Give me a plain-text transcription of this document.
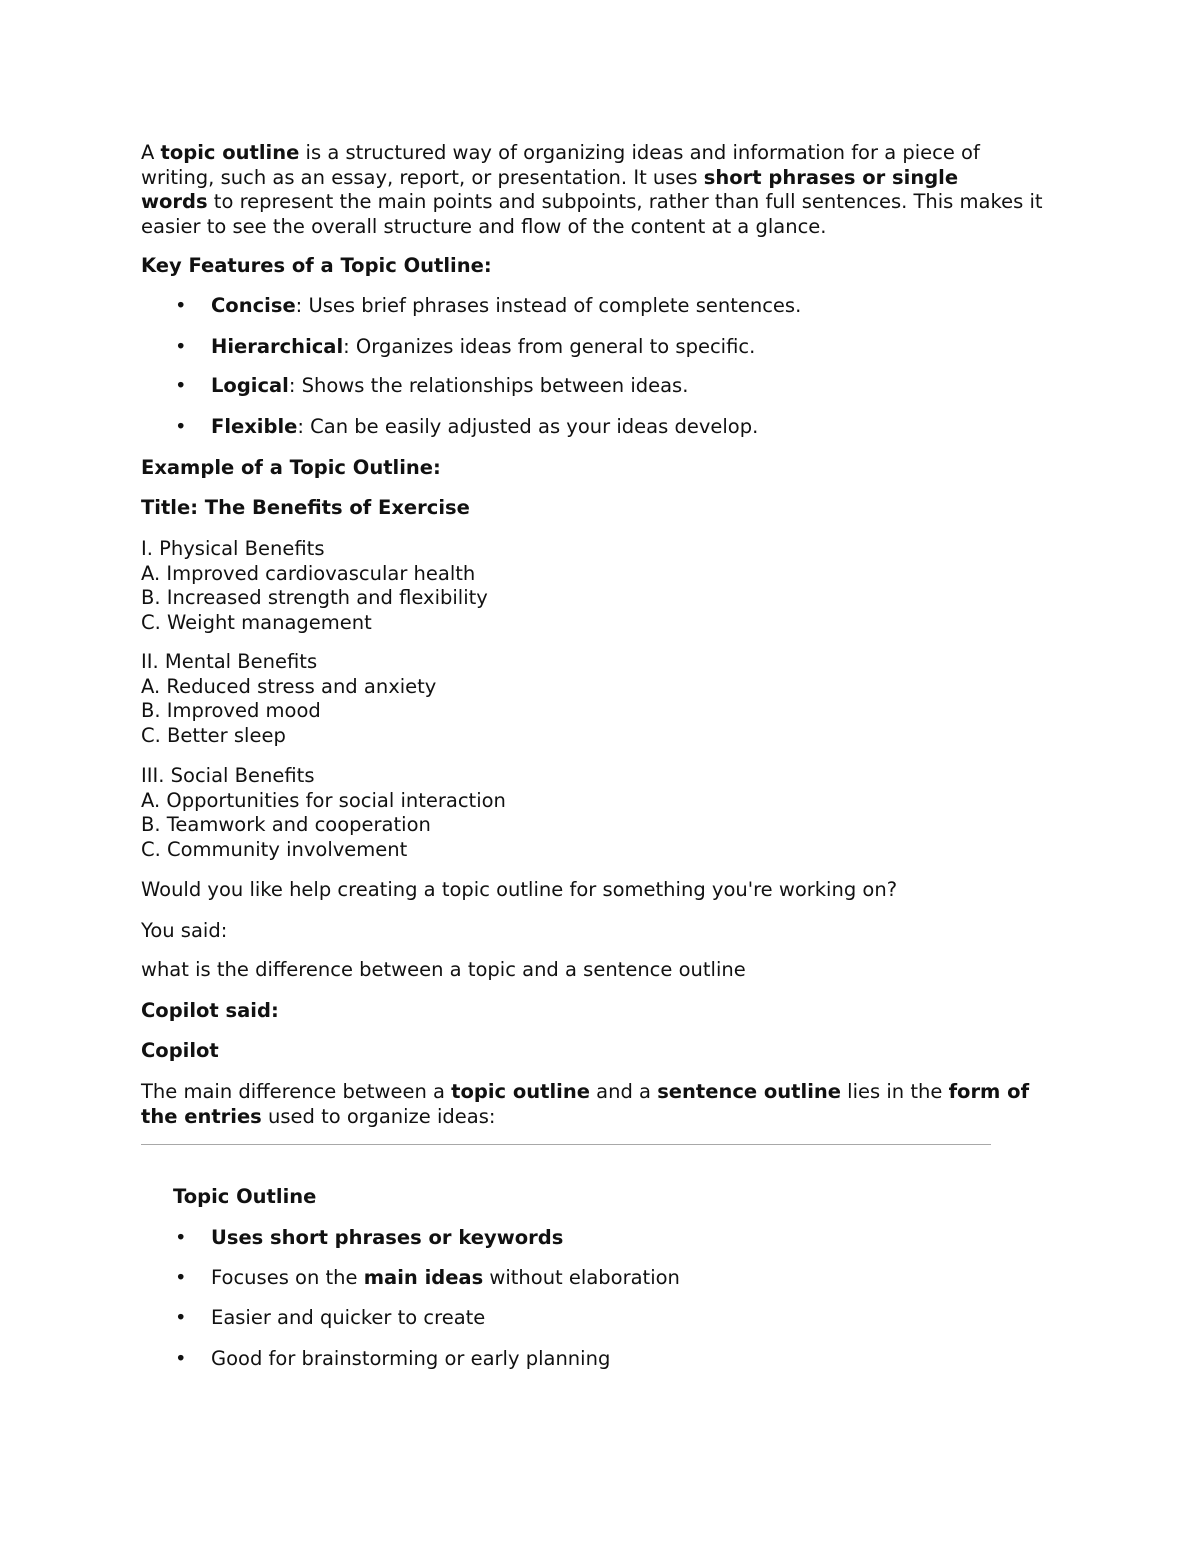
A topic outline is a structured way of organizing ideas and information for a piece of
writing, such as an essay, report, or presentation. It uses short phrases or single
words to represent the main points and subpoints, rather than full sentences. This makes it
easier to see the overall structure and flow of the content at a glance.
Key Features of a Topic Outline:
• Concise: Uses brief phrases instead of complete sentences.
• Hierarchical: Organizes ideas from general to specific.
• Logical: Shows the relationships between ideas.
• Flexible: Can be easily adjusted as your ideas develop.
Example of a Topic Outline:
Title: The Benefits of Exercise
I. Physical Benefits
A. Improved cardiovascular health
B. Increased strength and flexibility
C. Weight management
II. Mental Benefits
A. Reduced stress and anxiety
B. Improved mood
C. Better sleep
III. Social Benefits
A. Opportunities for social interaction
B. Teamwork and cooperation
C. Community involvement
Would you like help creating a topic outline for something you're working on?
You said:
what is the difference between a topic and a sentence outline
Copilot said:
Copilot
The main difference between a topic outline and a sentence outline lies in the form of
the entries used to organize ideas:
Topic Outline
• Uses short phrases or keywords
• Focuses on the main ideas without elaboration
• Easier and quicker to create
• Good for brainstorming or early planning
